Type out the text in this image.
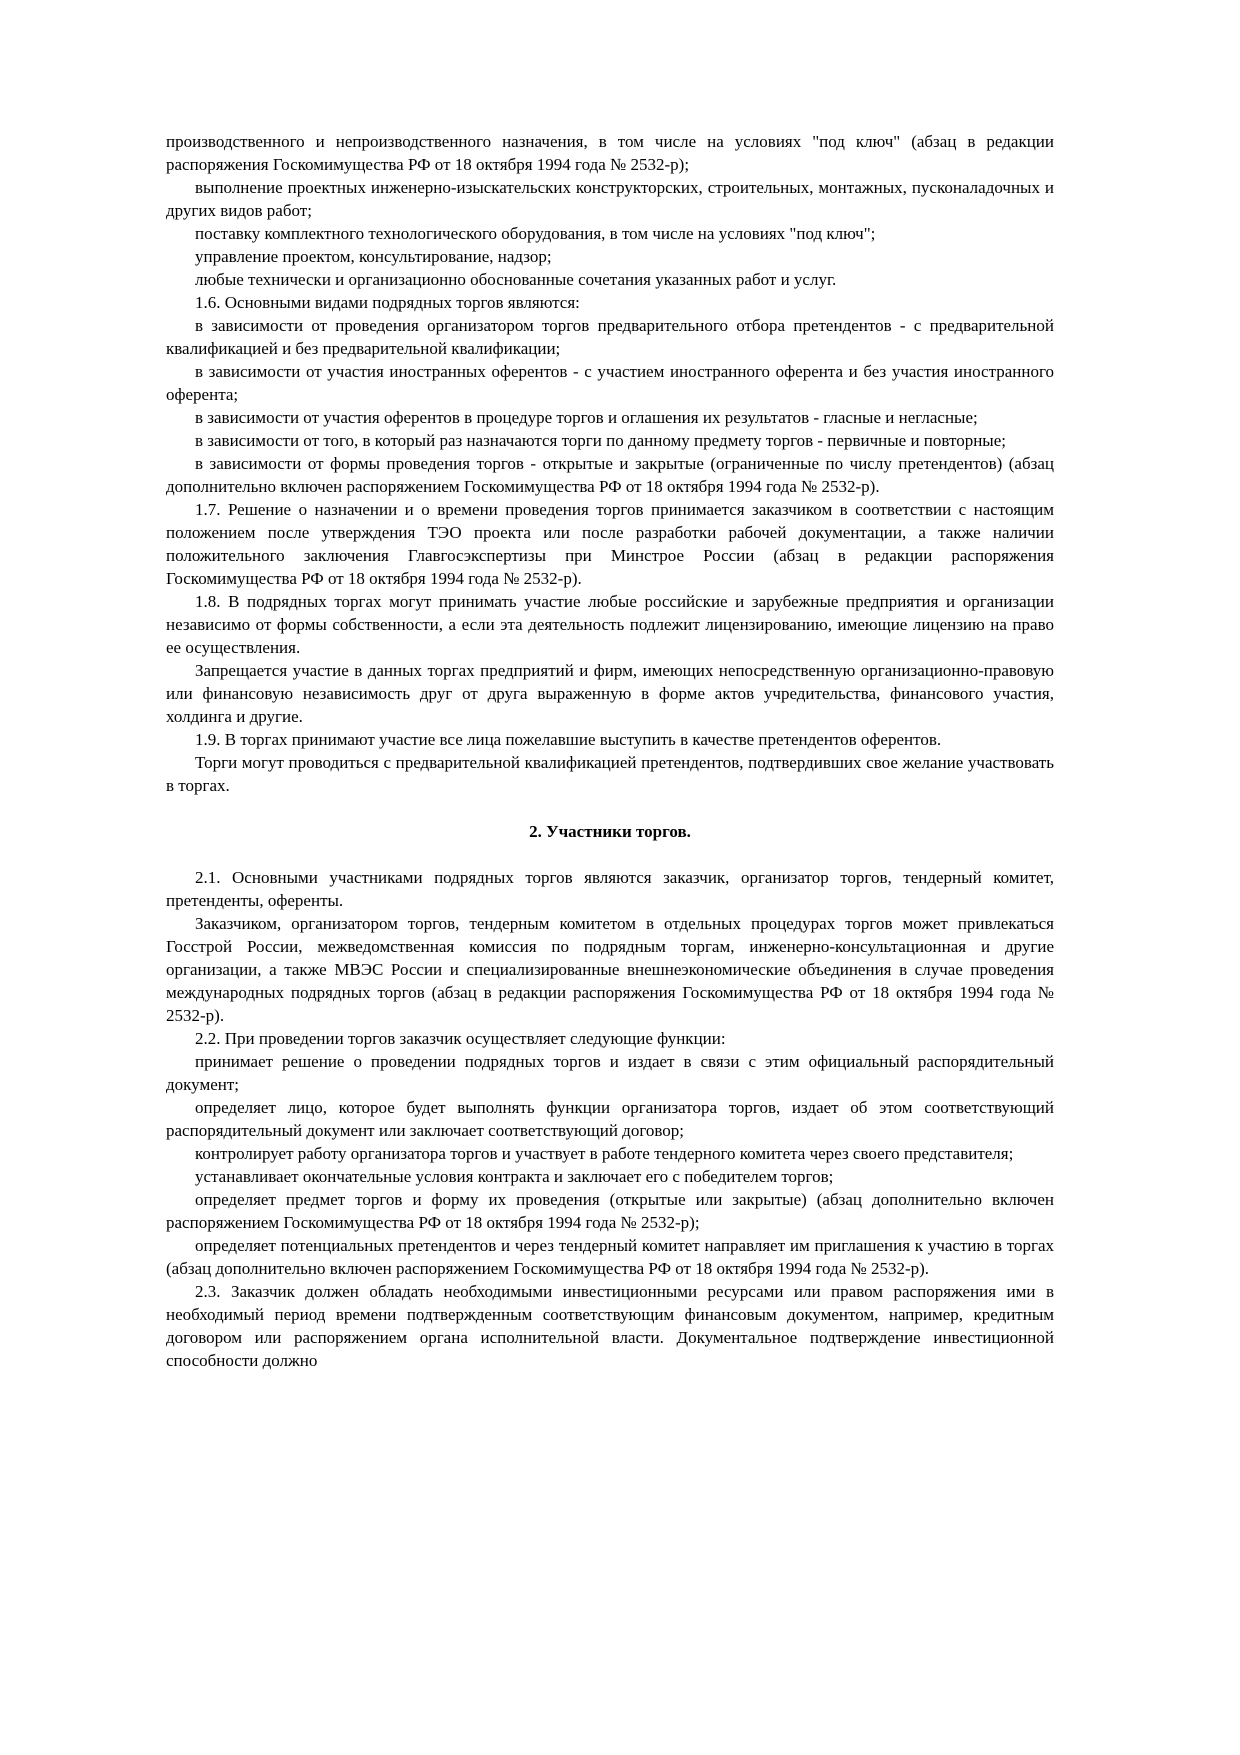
производственного и непроизводственного назначения, в том числе на условиях "под ключ" (абзац в редакции распоряжения Госкомимущества РФ от 18 октября 1994 года № 2532-р);

выполнение проектных инженерно-изыскательских конструкторских, строительных, монтажных, пусконаладочных и других видов работ;

поставку комплектного технологического оборудования, в том числе на условиях "под ключ";

управление проектом, консультирование, надзор;

любые технически и организационно обоснованные сочетания указанных работ и услуг.

1.6. Основными видами подрядных торгов являются:

в зависимости от проведения организатором торгов предварительного отбора претендентов - с предварительной квалификацией и без предварительной квалификации;

в зависимости от участия иностранных оферентов - с участием иностранного оферента и без участия иностранного оферента;

в зависимости от участия оферентов в процедуре торгов и оглашения их результатов - гласные и негласные;

в зависимости от того, в который раз назначаются торги по данному предмету торгов - первичные и повторные;

в зависимости от формы проведения торгов - открытые и закрытые (ограниченные по числу претендентов) (абзац дополнительно включен распоряжением Госкомимущества РФ от 18 октября 1994 года № 2532-р).

1.7. Решение о назначении и о времени проведения торгов принимается заказчиком в соответствии с настоящим положением после утверждения ТЭО проекта или после разработки рабочей документации, а также наличии положительного заключения Главгосэкспертизы при Минстрое России (абзац в редакции распоряжения Госкомимущества РФ от 18 октября 1994 года № 2532-р).

1.8. В подрядных торгах могут принимать участие любые российские и зарубежные предприятия и организации независимо от формы собственности, а если эта деятельность подлежит лицензированию, имеющие лицензию на право ее осуществления.

Запрещается участие в данных торгах предприятий и фирм, имеющих непосредственную организационно-правовую или финансовую независимость друг от друга выраженную в форме актов учредительства, финансового участия, холдинга и другие.

1.9. В торгах принимают участие все лица пожелавшие выступить в качестве претендентов оферентов.

Торги могут проводиться с предварительной квалификацией претендентов, подтвердивших свое желание участвовать в торгах.

2. Участники торгов.

2.1. Основными участниками подрядных торгов являются заказчик, организатор торгов, тендерный комитет, претенденты, оференты.

Заказчиком, организатором торгов, тендерным комитетом в отдельных процедурах торгов может привлекаться Госстрой России, межведомственная комиссия по подрядным торгам, инженерно-консультационная и другие организации, а также МВЭС России и специализированные внешнеэкономические объединения в случае проведения международных подрядных торгов (абзац в редакции распоряжения Госкомимущества РФ от 18 октября 1994 года № 2532-р).

2.2. При проведении торгов заказчик осуществляет следующие функции:

принимает решение о проведении подрядных торгов и издает в связи с этим официальный распорядительный документ;

определяет лицо, которое будет выполнять функции организатора торгов, издает об этом соответствующий распорядительный документ или заключает соответствующий договор;

контролирует работу организатора торгов и участвует в работе тендерного комитета через своего представителя;

устанавливает окончательные условия контракта и заключает его с победителем торгов;

определяет предмет торгов и форму их проведения (открытые или закрытые) (абзац дополнительно включен распоряжением Госкомимущества РФ от 18 октября 1994 года № 2532-р);

определяет потенциальных претендентов и через тендерный комитет направляет им приглашения к участию в торгах (абзац дополнительно включен распоряжением Госкомимущества РФ от 18 октября 1994 года № 2532-р).

2.3. Заказчик должен обладать необходимыми инвестиционными ресурсами или правом распоряжения ими в необходимый период времени подтвержденным соответствующим финансовым документом, например, кредитным договором или распоряжением органа исполнительной власти. Документальное подтверждение инвестиционной способности должно
